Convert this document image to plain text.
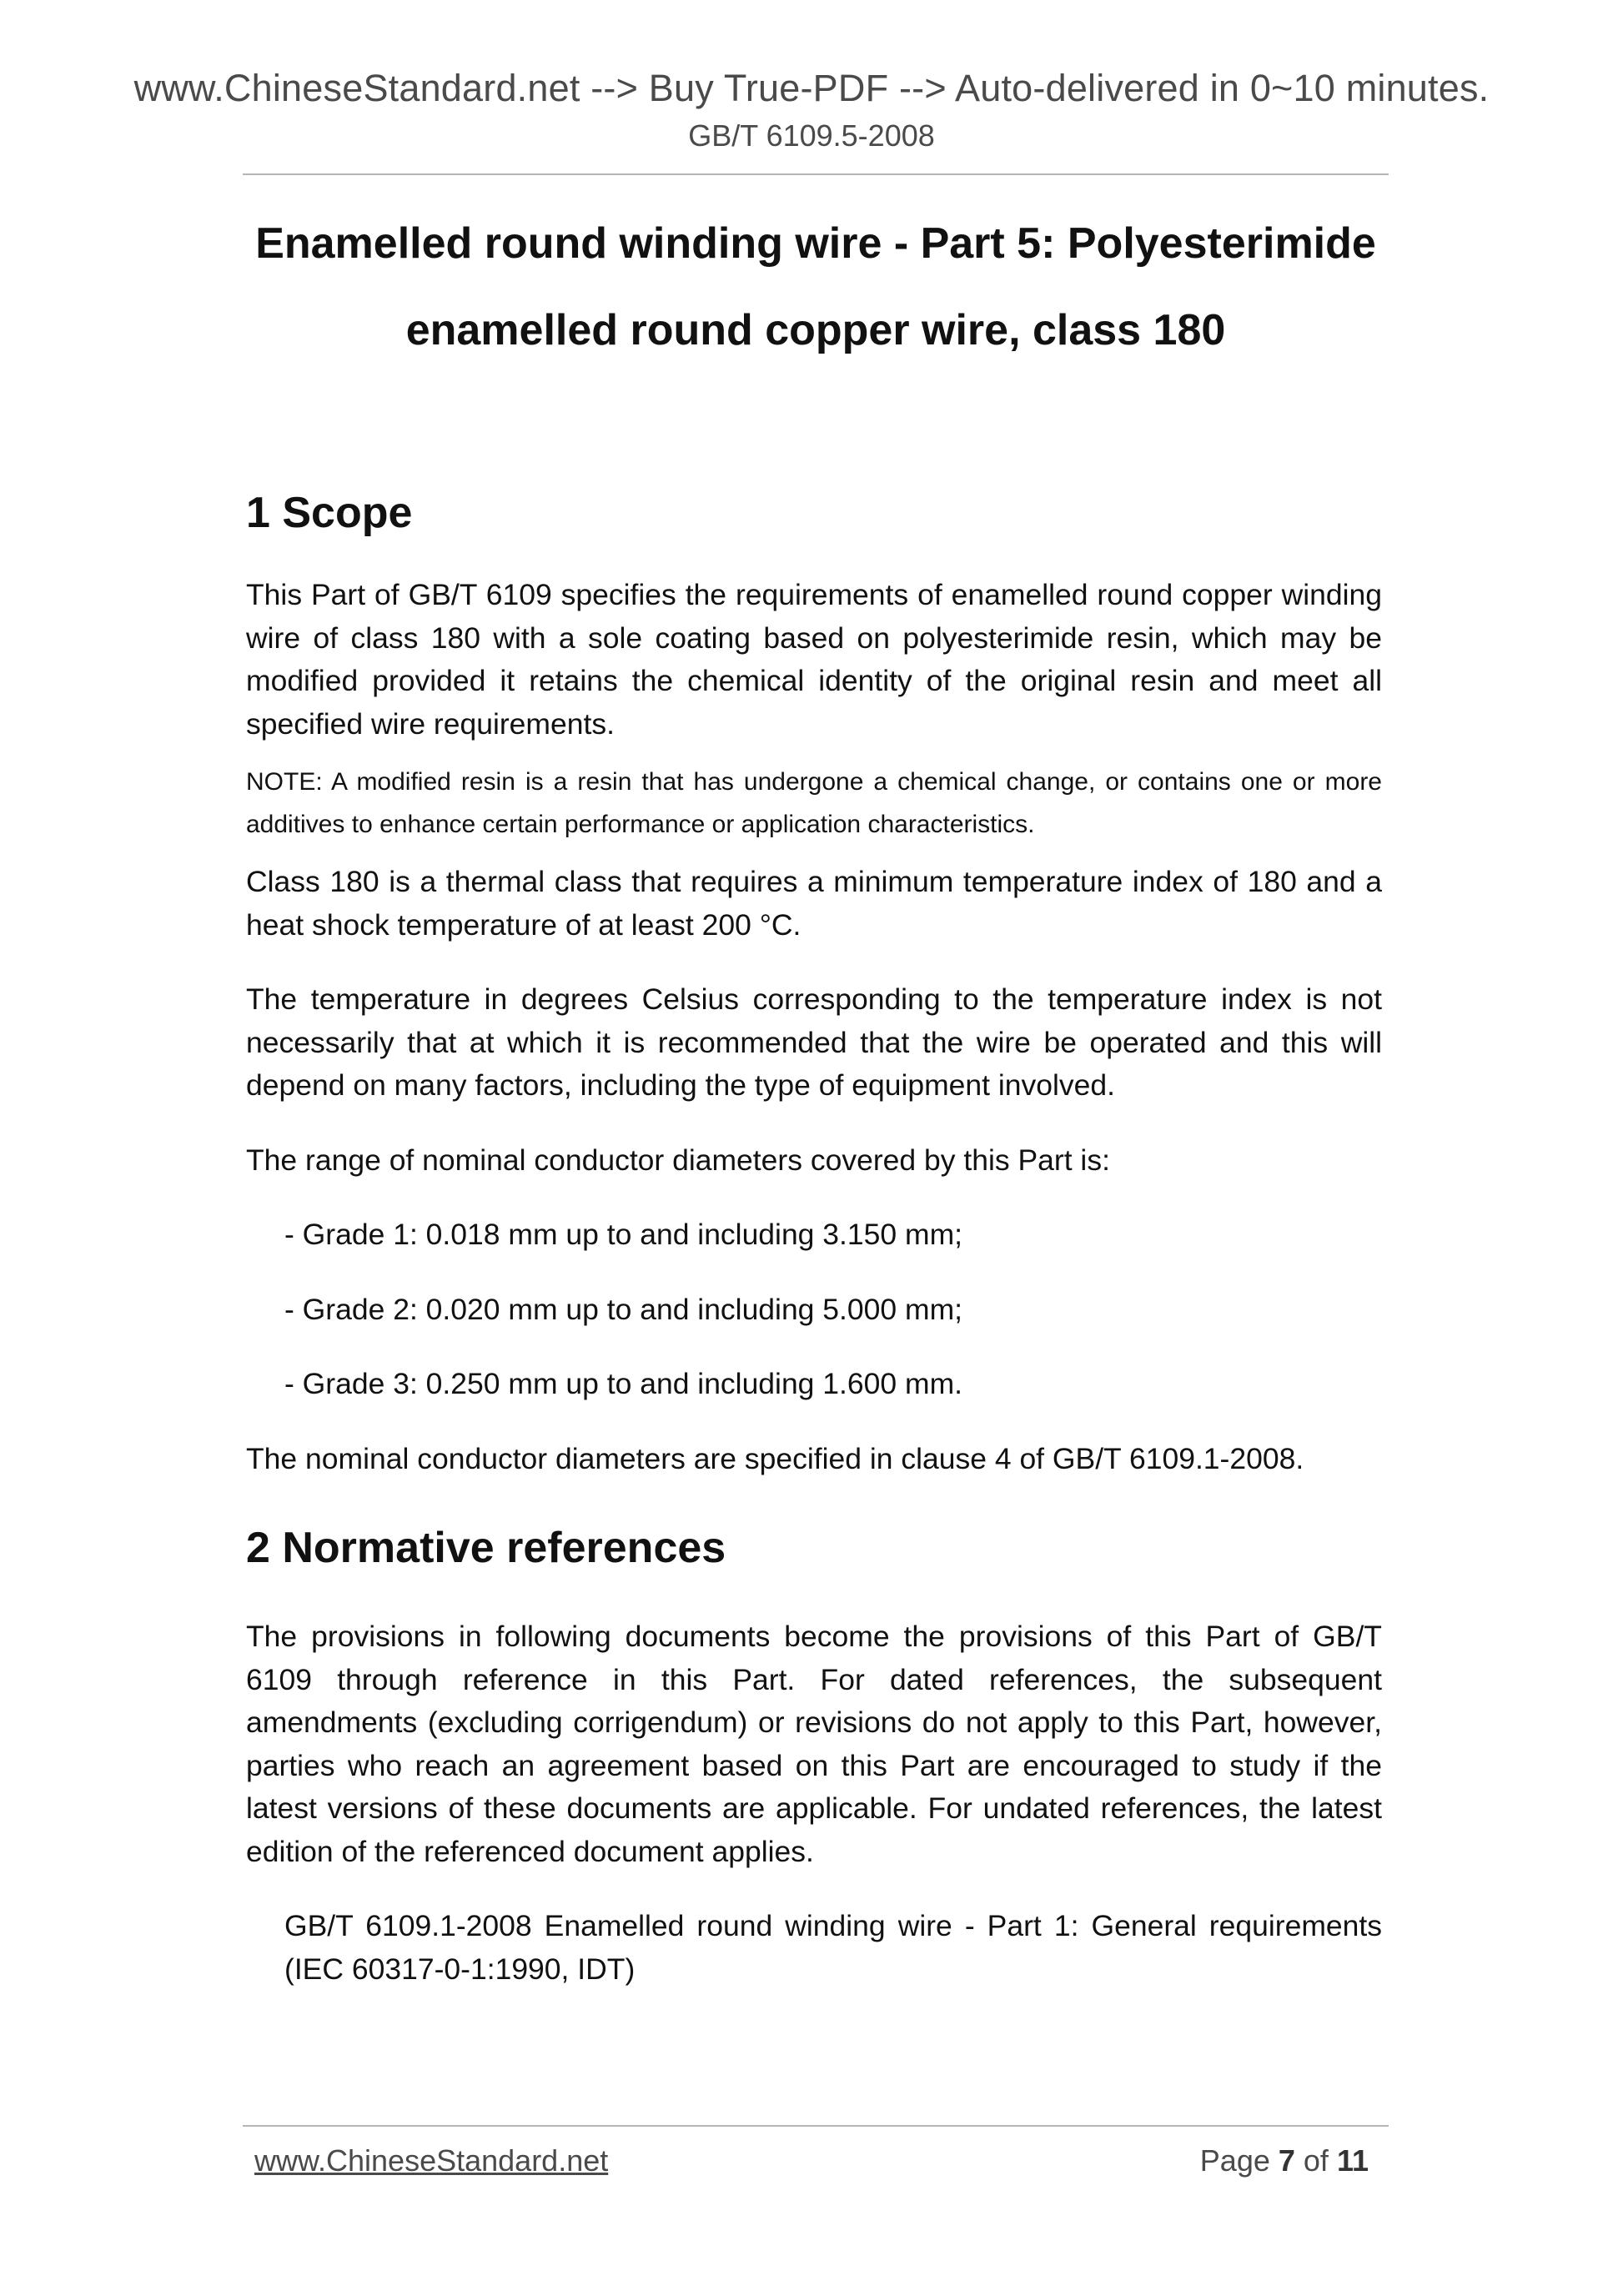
www.ChineseStandard.net --> Buy True-PDF --> Auto-delivered in 0~10 minutes.
GB/T 6109.5-2008
Enamelled round winding wire - Part 5: Polyesterimide
enamelled round copper wire, class 180
1 Scope

This Part of GB/T 6109 specifies the requirements of enamelled round copper winding wire of class 180 with a sole coating based on polyesterimide resin, which may be modified provided it retains the chemical identity of the original resin and meet all specified wire requirements.

NOTE: A modified resin is a resin that has undergone a chemical change, or contains one or more additives to enhance certain performance or application characteristics.

Class 180 is a thermal class that requires a minimum temperature index of 180 and a heat shock temperature of at least 200 °C.

The temperature in degrees Celsius corresponding to the temperature index is not necessarily that at which it is recommended that the wire be operated and this will depend on many factors, including the type of equipment involved.

The range of nominal conductor diameters covered by this Part is:

- Grade 1: 0.018 mm up to and including 3.150 mm;

- Grade 2: 0.020 mm up to and including 5.000 mm;

- Grade 3: 0.250 mm up to and including 1.600 mm.

The nominal conductor diameters are specified in clause 4 of GB/T 6109.1-2008.

2 Normative references

The provisions in following documents become the provisions of this Part of GB/T 6109 through reference in this Part. For dated references, the subsequent amendments (excluding corrigendum) or revisions do not apply to this Part, however, parties who reach an agreement based on this Part are encouraged to study if the latest versions of these documents are applicable. For undated references, the latest edition of the referenced document applies.

GB/T 6109.1-2008 Enamelled round winding wire - Part 1: General requirements (IEC 60317-0-1:1990, IDT)

www.ChineseStandard.net	Page 7 of 11
